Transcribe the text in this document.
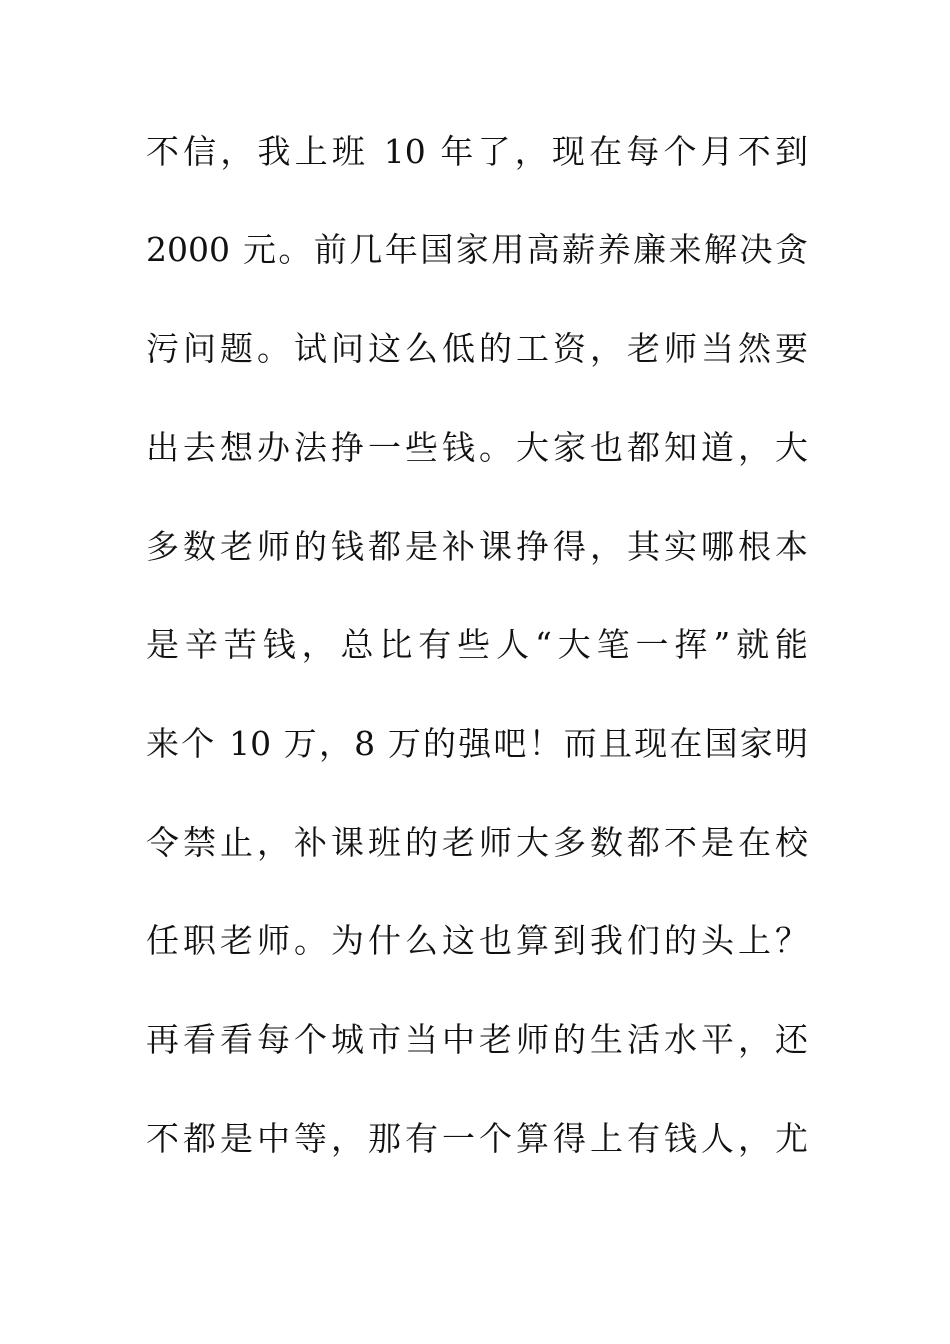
不信，我上班 10 年了，现在每个月不到
2000 元。前几年国家用高薪养廉来解决贪
污问题。试问这么低的工资，老师当然要
出去想办法挣一些钱。大家也都知道，大
多数老师的钱都是补课挣得，其实哪根本
是辛苦钱，总比有些人“大笔一挥”就能
来个 10 万，8 万的强吧！而且现在国家明
令禁止，补课班的老师大多数都不是在校
任职老师。为什么这也算到我们的头上？
再看看每个城市当中老师的生活水平，还
不都是中等，那有一个算得上有钱人，尤
